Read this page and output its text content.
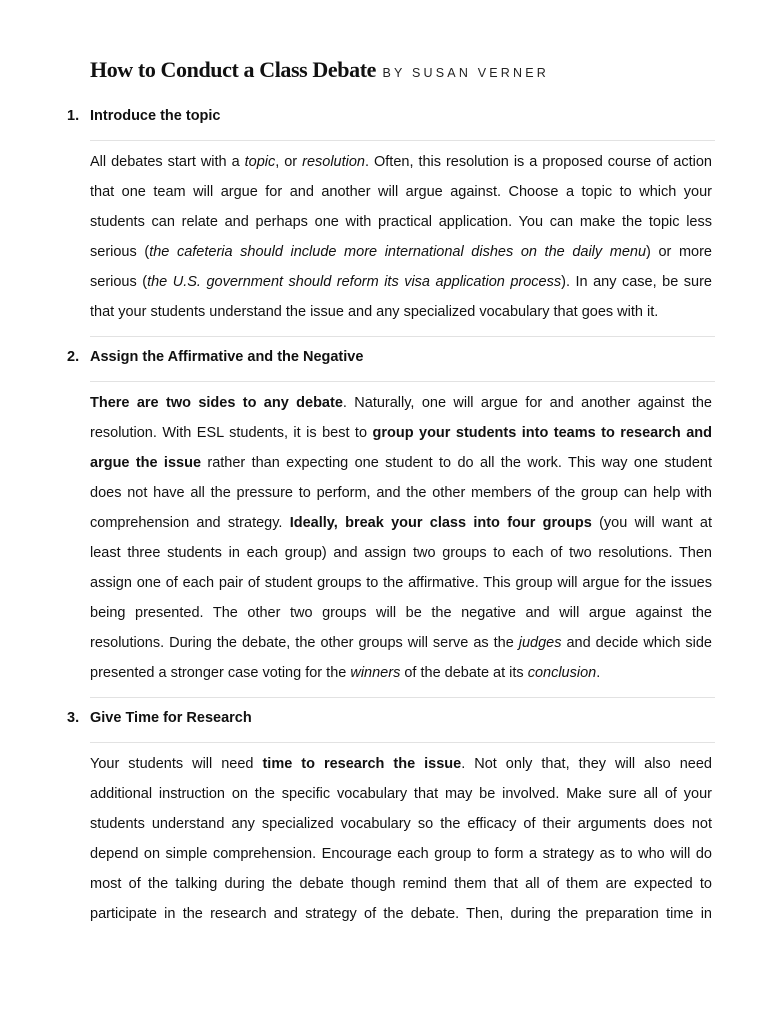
How to Conduct a Class Debate BY SUSAN VERNER
1. Introduce the topic
All debates start with a topic, or resolution. Often, this resolution is a proposed course of action
that one team will argue for and another will argue against. Choose a topic to which your
students can relate and perhaps one with practical application. You can make the topic less
serious (the cafeteria should include more international dishes on the daily menu) or more
serious (the U.S. government should reform its visa application process). In any case, be sure
that your students understand the issue and any specialized vocabulary that goes with it.
2. Assign the Affirmative and the Negative
There are two sides to any debate. Naturally, one will argue for and another against the
resolution. With ESL students, it is best to group your students into teams to research and
argue the issue rather than expecting one student to do all the work. This way one student
does not have all the pressure to perform, and the other members of the group can help with
comprehension and strategy. Ideally, break your class into four groups (you will want at
least three students in each group) and assign two groups to each of two resolutions. Then
assign one of each pair of student groups to the affirmative. This group will argue for the issues
being presented. The other two groups will be the negative and will argue against the
resolutions. During the debate, the other groups will serve as the judges and decide which side
presented a stronger case voting for the winners of the debate at its conclusion.
3. Give Time for Research
Your students will need time to research the issue. Not only that, they will also need
additional instruction on the specific vocabulary that may be involved. Make sure all of your
students understand any specialized vocabulary so the efficacy of their arguments does not
depend on simple comprehension. Encourage each group to form a strategy as to who will do
most of the talking during the debate though remind them that all of them are expected to
participate in the research and strategy of the debate. Then, during the preparation time in
